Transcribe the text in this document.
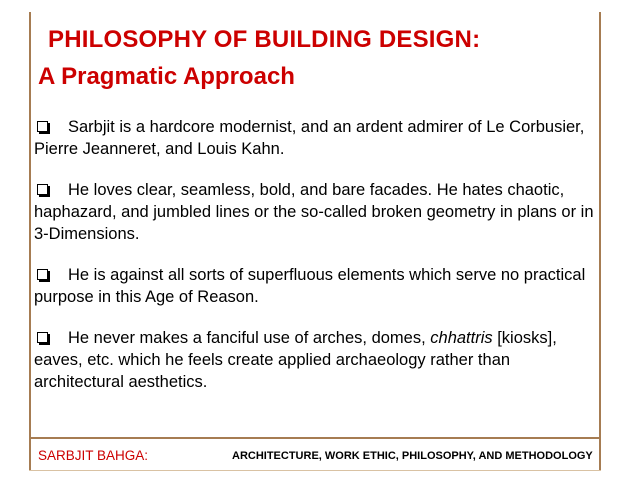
PHILOSOPHY OF BUILDING DESIGN:
A Pragmatic Approach
Sarbjit is a hardcore modernist, and an ardent admirer of Le Corbusier, Pierre Jeanneret, and Louis Kahn.
He loves clear, seamless, bold, and bare facades. He hates chaotic, haphazard, and jumbled lines or the so-called broken geometry in plans or in 3-Dimensions.
He is against all sorts of superfluous elements which serve no practical purpose in this Age of Reason.
He never makes a fanciful use of arches, domes, chhattris [kiosks], eaves, etc. which he feels create applied archaeology rather than architectural aesthetics.
SARBJIT BAHGA:	ARCHITECTURE, WORK ETHIC, PHILOSOPHY, AND METHODOLOGY
